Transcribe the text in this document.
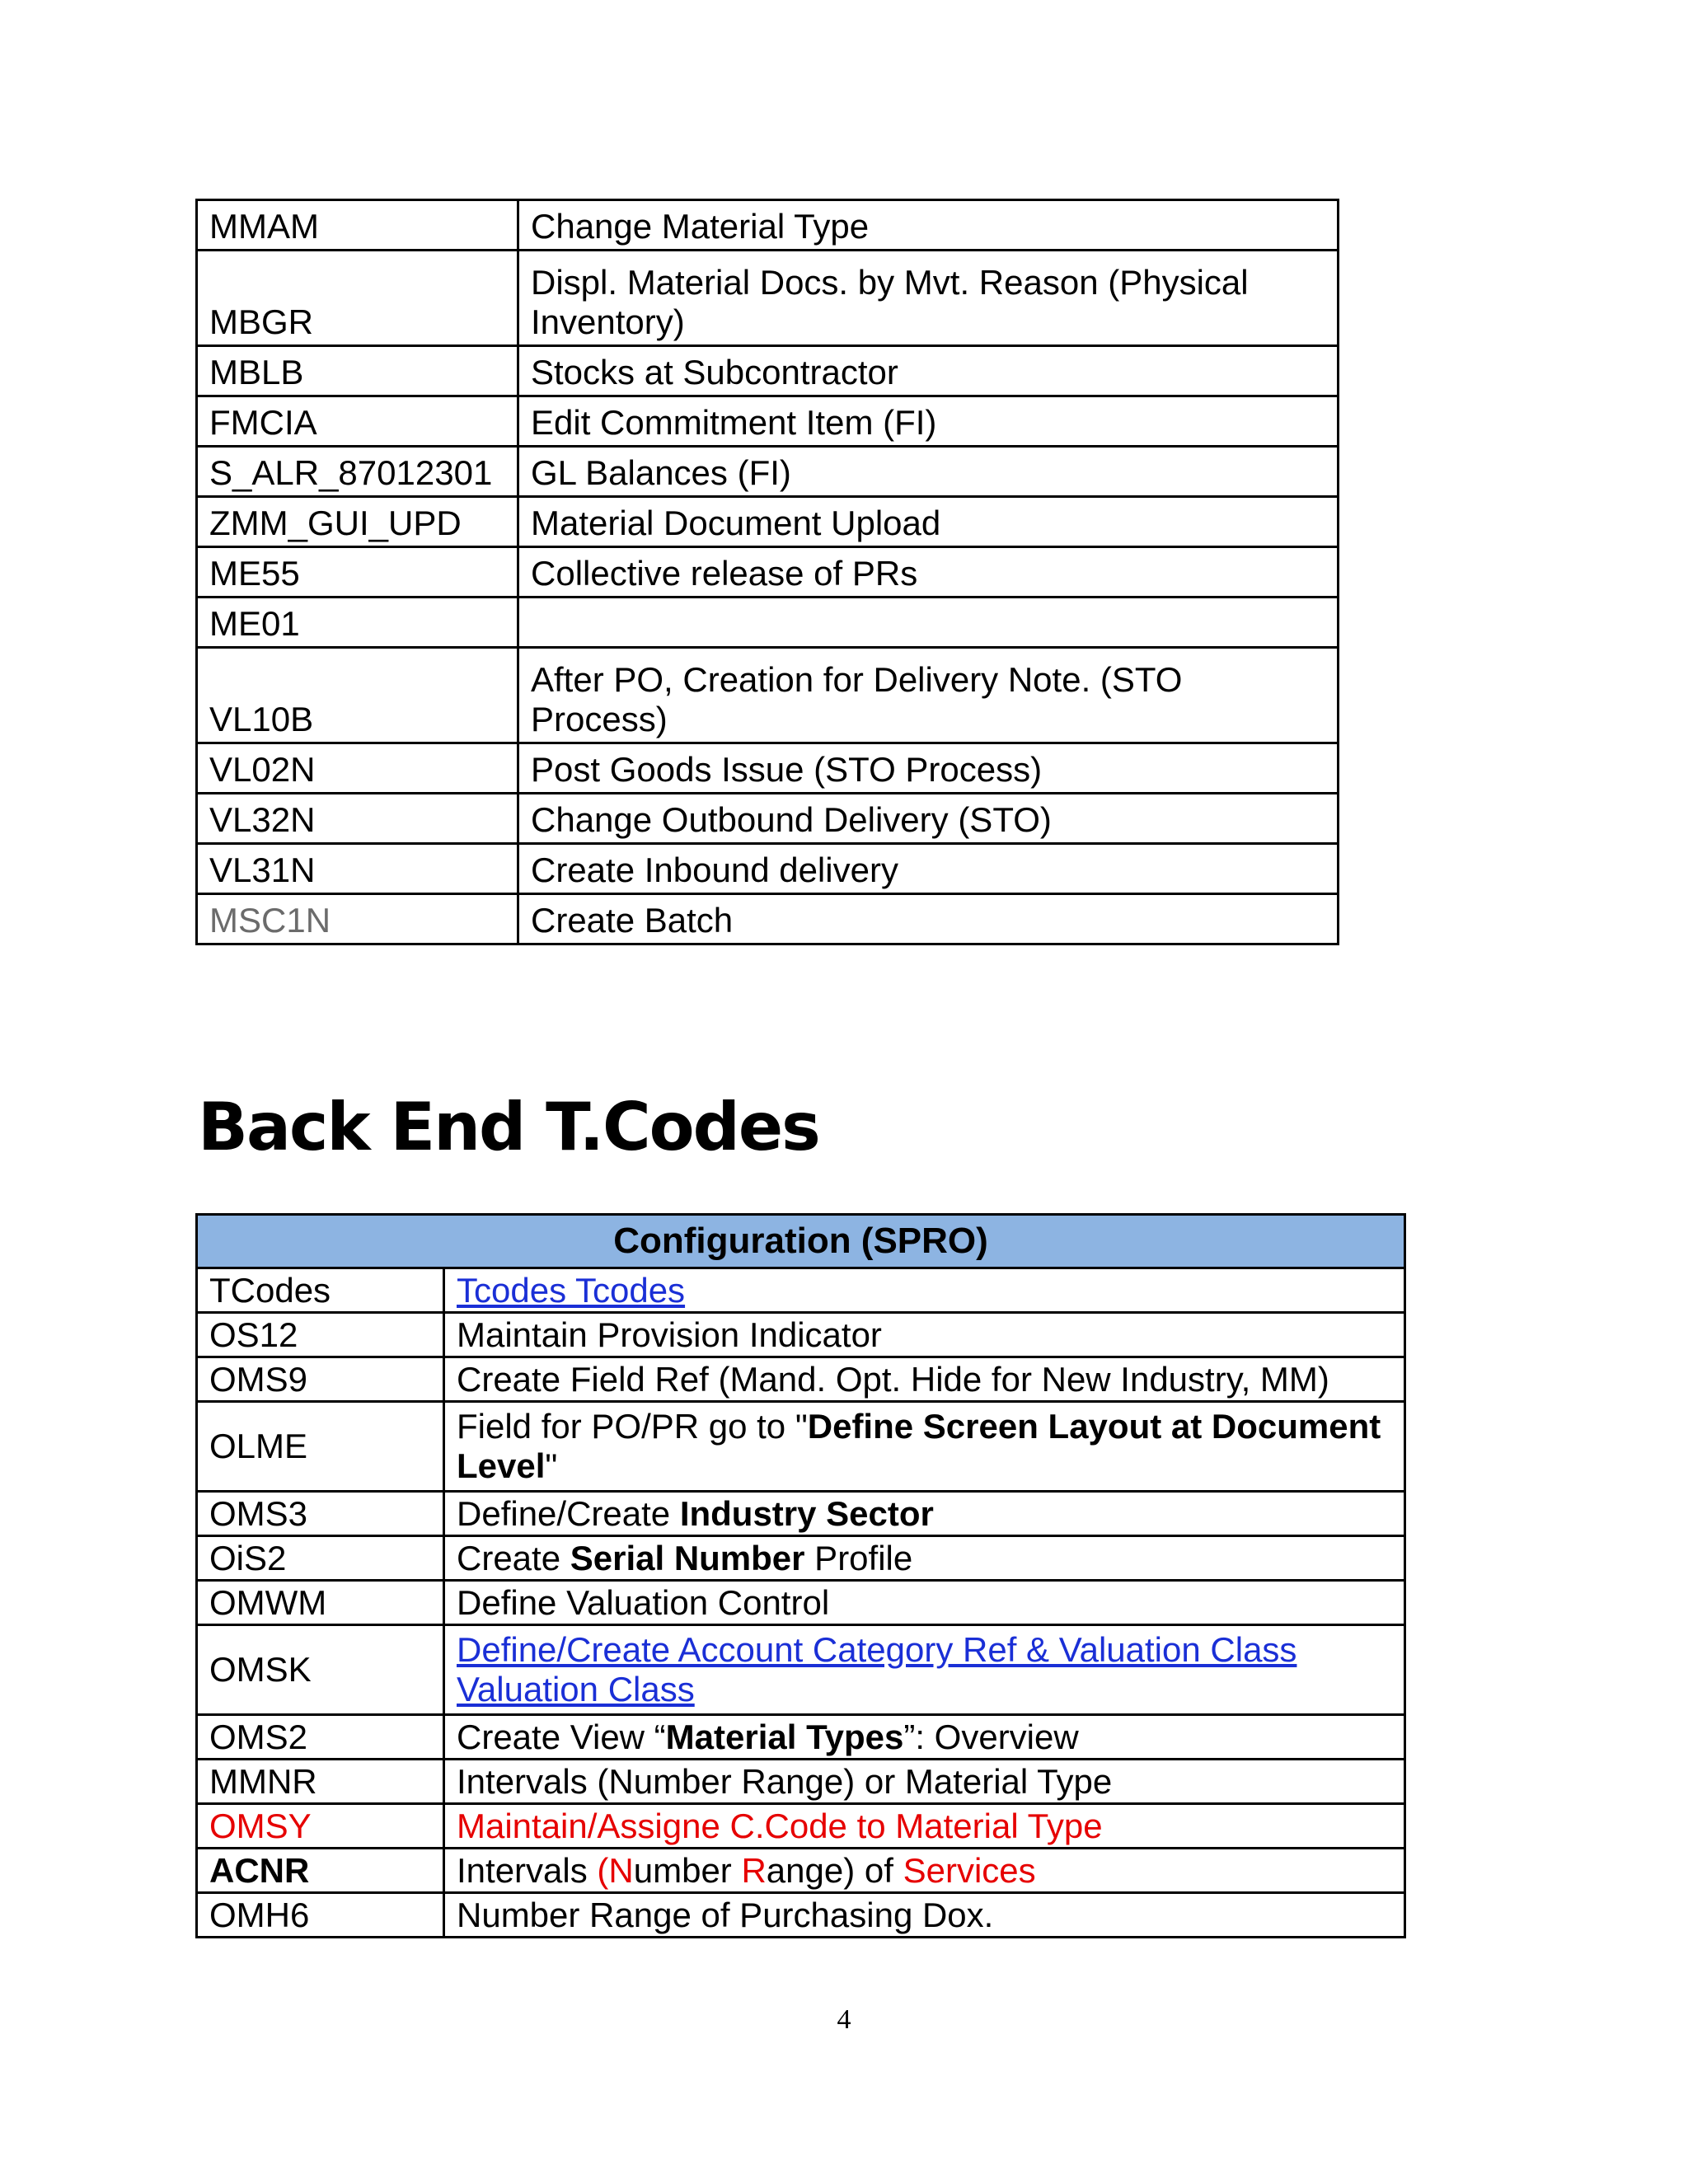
MMAM	Change Material Type
MBGR	Displ. Material Docs. by Mvt. Reason (Physical
Inventory)
MBLB	Stocks at Subcontractor
FMCIA	Edit Commitment Item (FI)
S_ALR_87012301	GL Balances (FI)
ZMM_GUI_UPD	Material Document Upload
ME55	Collective release of PRs
ME01	
VL10B	After PO, Creation for Delivery Note. (STO
Process)
VL02N	Post Goods Issue (STO Process)
VL32N	Change Outbound Delivery (STO)
VL31N	Create Inbound delivery
MSC1N	Create Batch
Back End T.Codes
Configuration (SPRO)	
TCodes	Tcodes Tcodes
OS12	Maintain Provision Indicator
OMS9	Create Field Ref (Mand. Opt. Hide for New Industry, MM)
OLME	Field for PO/PR go to "Define Screen Layout at Document Level"
OMS3	Define/Create Industry Sector
OiS2	Create Serial Number Profile
OMWM	Define Valuation Control
OMSK	Define/Create Account Category Ref & Valuation Class
Valuation Class
OMS2	Create View “Material Types”: Overview
MMNR	Intervals (Number Range) or Material Type
OMSY	Maintain/Assigne C.Code to Material Type
ACNR	Intervals (Number Range) of Services
OMH6	Number Range of Purchasing Dox.
4
